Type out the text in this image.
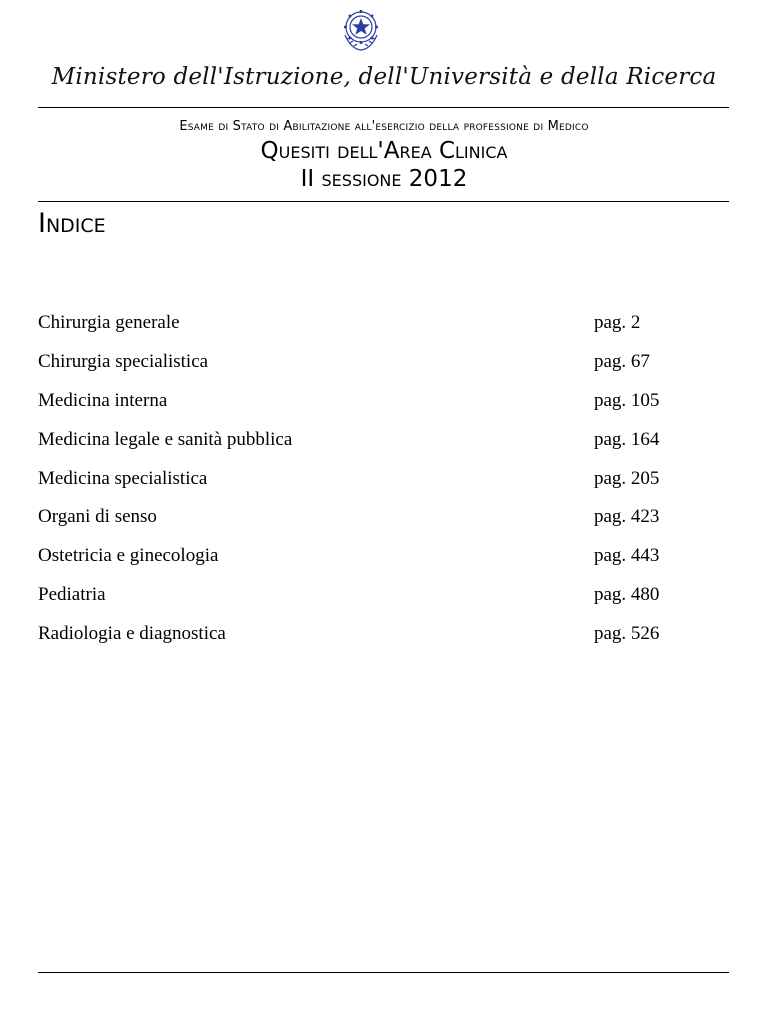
Ministero dell'Istruzione, dell'Università e della Ricerca
Esame di Stato di Abilitazione all'esercizio della professione di Medico
Quesiti dell'Area Clinica
II sessione 2012
Indice
Chirurgia generale	pag. 2
Chirurgia specialistica	pag. 67
Medicina interna	pag. 105
Medicina legale e sanità pubblica	pag. 164
Medicina specialistica	pag. 205
Organi di senso	pag. 423
Ostetricia e ginecologia	pag. 443
Pediatria	pag. 480
Radiologia e diagnostica	pag. 526
